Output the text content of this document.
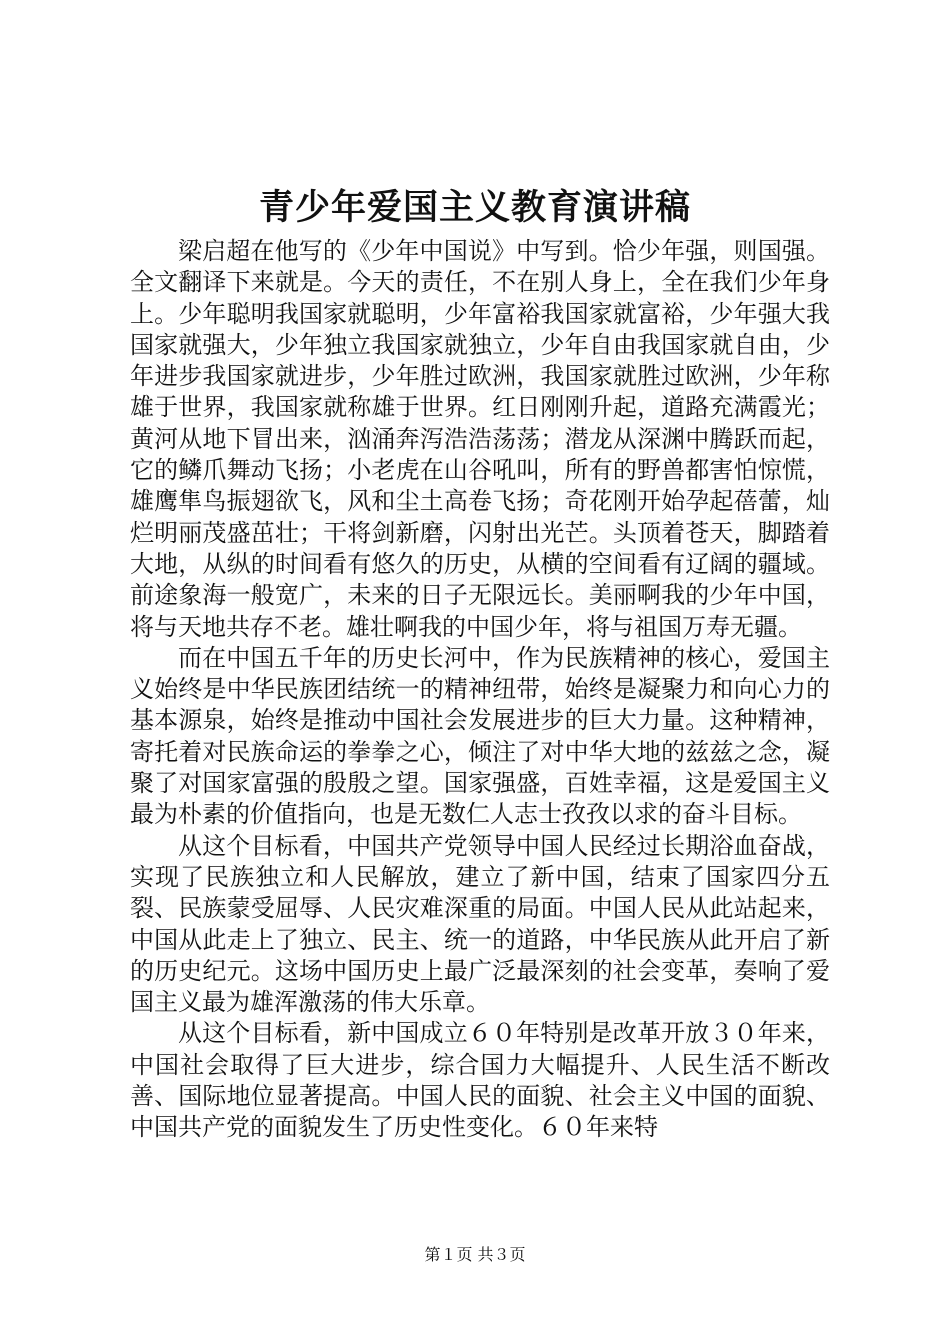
青少年爱国主义教育演讲稿

梁启超在他写的《少年中国说》中写到。恰少年强，则国强。全文翻译下来就是。今天的责任，不在别人身上，全在我们少年身上。少年聪明我国家就聪明，少年富裕我国家就富裕，少年强大我国家就强大，少年独立我国家就独立，少年自由我国家就自由，少年进步我国家就进步，少年胜过欧洲，我国家就胜过欧洲，少年称雄于世界，我国家就称雄于世界。红日刚刚升起，道路充满霞光；黄河从地下冒出来，汹涌奔泻浩浩荡荡；潜龙从深渊中腾跃而起，它的鳞爪舞动飞扬；小老虎在山谷吼叫，所有的野兽都害怕惊慌，雄鹰隼鸟振翅欲飞，风和尘土高卷飞扬；奇花刚开始孕起蓓蕾，灿烂明丽茂盛茁壮；干将剑新磨，闪射出光芒。头顶着苍天，脚踏着大地，从纵的时间看有悠久的历史，从横的空间看有辽阔的疆域。前途象海一般宽广，未来的日子无限远长。美丽啊我的少年中国，将与天地共存不老。雄壮啊我的中国少年，将与祖国万寿无疆。

而在中国五千年的历史长河中，作为民族精神的核心，爱国主义始终是中华民族团结统一的精神纽带，始终是凝聚力和向心力的基本源泉，始终是推动中国社会发展进步的巨大力量。这种精神，寄托着对民族命运的拳拳之心，倾注了对中华大地的兹兹之念，凝聚了对国家富强的殷殷之望。国家强盛，百姓幸福，这是爱国主义最为朴素的价值指向，也是无数仁人志士孜孜以求的奋斗目标。

从这个目标看，中国共产党领导中国人民经过长期浴血奋战，实现了民族独立和人民解放，建立了新中国，结束了国家四分五裂、民族蒙受屈辱、人民灾难深重的局面。中国人民从此站起来，中国从此走上了独立、民主、统一的道路，中华民族从此开启了新的历史纪元。这场中国历史上最广泛最深刻的社会变革，奏响了爱国主义最为雄浑激荡的伟大乐章。

从这个目标看，新中国成立６０年特别是改革开放３０年来，中国社会取得了巨大进步，综合国力大幅提升、人民生活不断改善、国际地位显著提高。中国人民的面貌、社会主义中国的面貌、中国共产党的面貌发生了历史性变化。６０年来特

第１页 共３页
